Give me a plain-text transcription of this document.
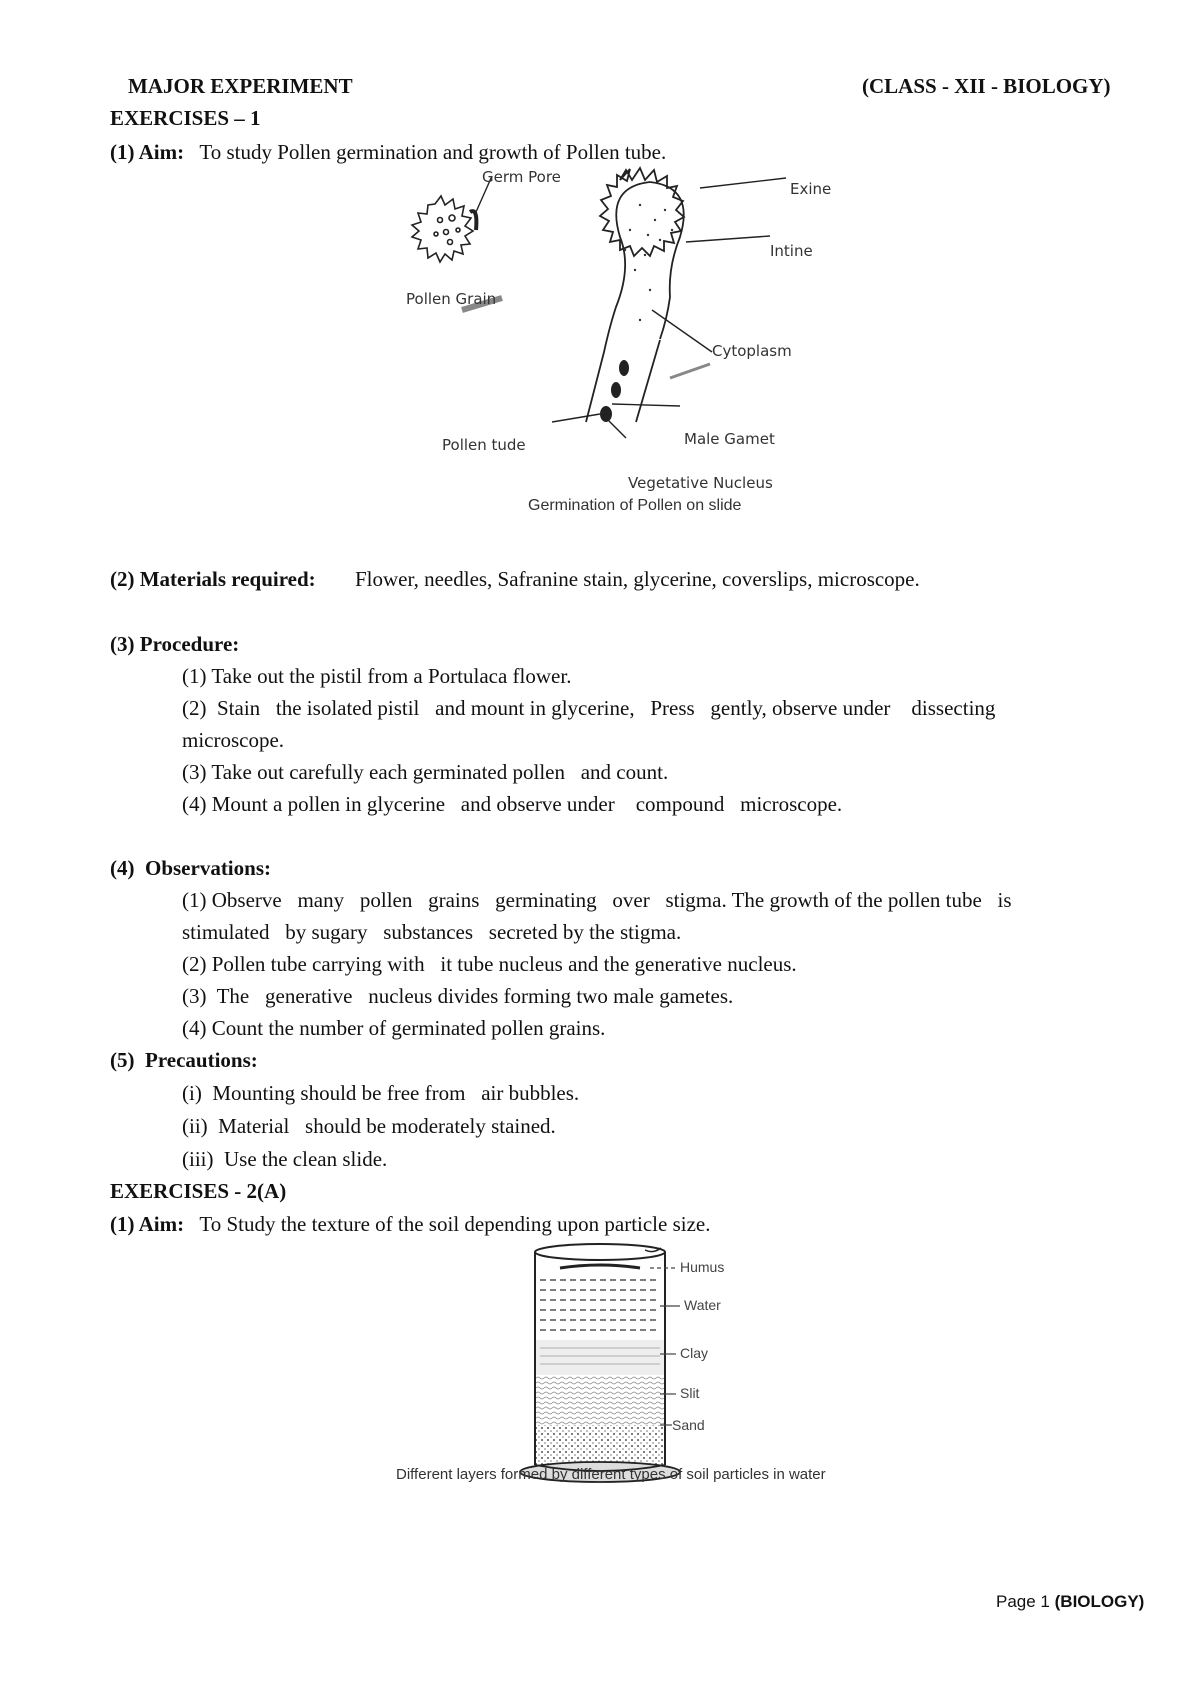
MAJOR EXPERIMENT	(CLASS - XII - BIOLOGY)
EXERCISES – 1
(1) Aim: To study Pollen germination and growth of Pollen tube.
Germ Pore
Pollen Grain
Exine
Intine
Cytoplasm
Pollen tude	Male Gamet
Vegetative Nucleus
Germination of Pollen on slide
(2) Materials required: Flower, needles, Safranine stain, glycerine, coverslips, microscope.
(3) Procedure:
(1) Take out the pistil from a Portulaca flower.
(2)  Stain   the isolated pistil   and mount in glycerine,   Press   gently, observe under    dissecting
microscope.
(3) Take out carefully each germinated pollen   and count.
(4) Mount a pollen in glycerine   and observe under    compound   microscope.
(4)  Observations:
(1) Observe   many   pollen   grains   germinating   over   stigma. The growth of the pollen tube   is
stimulated   by sugary   substances   secreted by the stigma.
(2) Pollen tube carrying with   it tube nucleus and the generative nucleus.
(3)  The   generative   nucleus divides forming two male gametes.
(4) Count the number of germinated pollen grains.
(5)  Precautions:
(i)  Mounting should be free from   air bubbles.
(ii)  Material   should be moderately stained.
(iii)  Use the clean slide.
EXERCISES - 2(A)
(1) Aim: To Study the texture of the soil depending upon particle size.
Humus
Water
Clay
Slit
Sand
Different layers formed by different types of soil particles in water
Page 1 (BIOLOGY)
